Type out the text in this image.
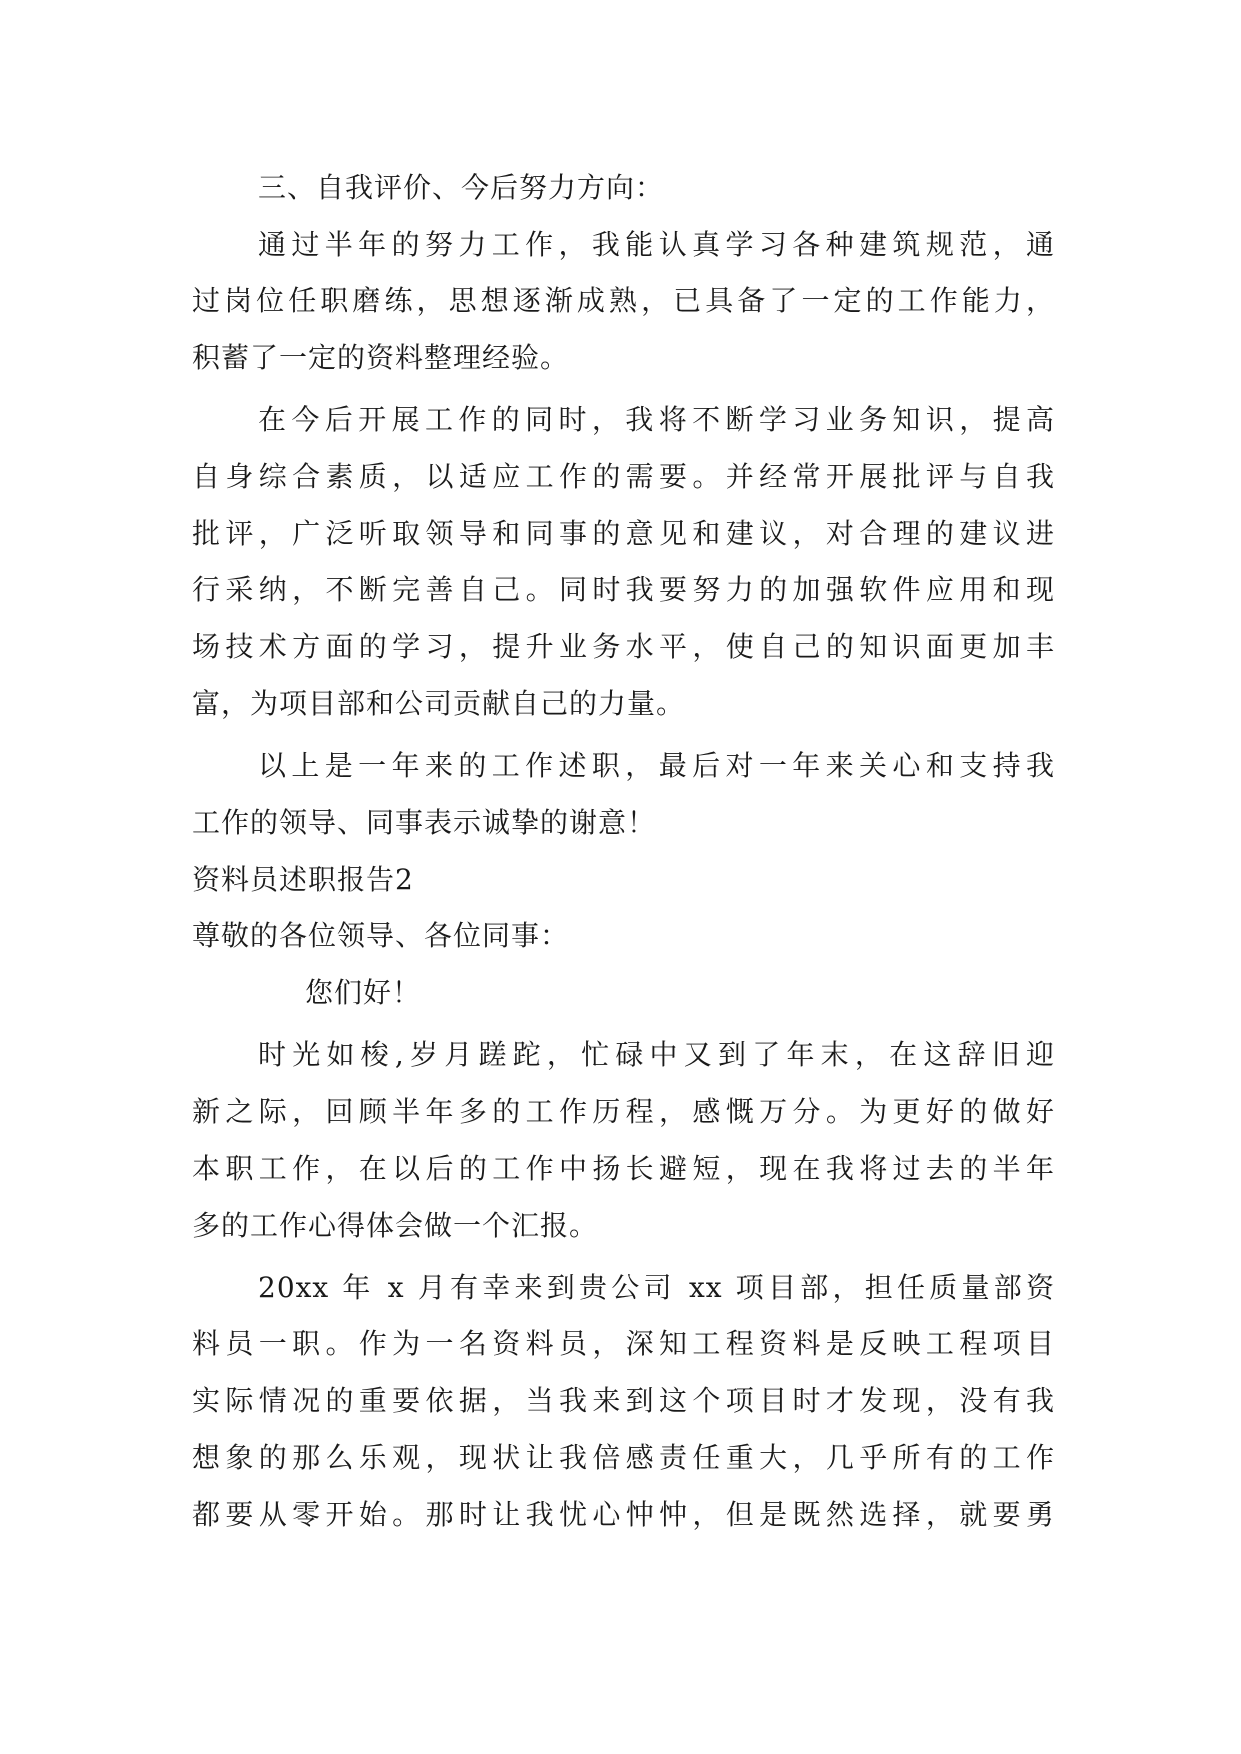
三、自我评价、今后努力方向：
通过半年的努力工作，我能认真学习各种建筑规范，通
过岗位任职磨练，思想逐渐成熟，已具备了一定的工作能力，
积蓄了一定的资料整理经验。
在今后开展工作的同时，我将不断学习业务知识，提高
自身综合素质，以适应工作的需要。并经常开展批评与自我
批评，广泛听取领导和同事的意见和建议，对合理的建议进
行采纳，不断完善自己。同时我要努力的加强软件应用和现
场技术方面的学习，提升业务水平，使自己的知识面更加丰
富，为项目部和公司贡献自己的力量。
以上是一年来的工作述职，最后对一年来关心和支持我
工作的领导、同事表示诚挚的谢意！
资料员述职报告2
尊敬的各位领导、各位同事：
您们好！
时光如梭,岁月蹉跎，忙碌中又到了年末，在这辞旧迎
新之际，回顾半年多的工作历程，感慨万分。为更好的做好
本职工作，在以后的工作中扬长避短，现在我将过去的半年
多的工作心得体会做一个汇报。
20xx 年 x 月有幸来到贵公司 xx 项目部，担任质量部资
料员一职。作为一名资料员，深知工程资料是反映工程项目
实际情况的重要依据，当我来到这个项目时才发现，没有我
想象的那么乐观，现状让我倍感责任重大，几乎所有的工作
都要从零开始。那时让我忧心忡忡，但是既然选择，就要勇
